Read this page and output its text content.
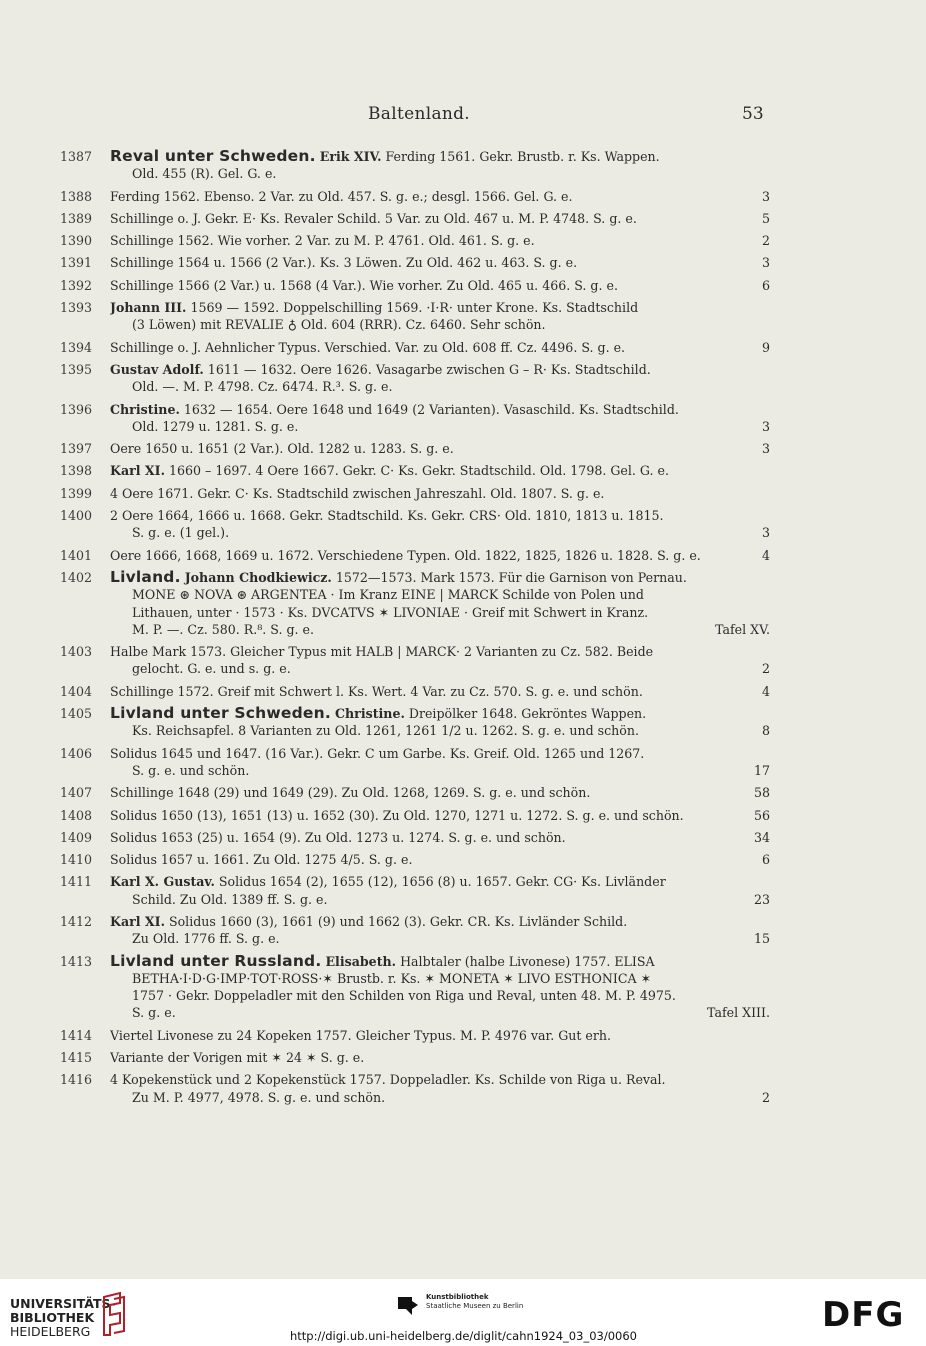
Baltenland.	53
1387	Reval unter Schweden. Erik XIV. Ferding 1561. Gekr. Brustb. r. Ks. Wappen.
Old. 455 (R). Gel. G. e.
1388	Ferding 1562. Ebenso. 2 Var. zu Old. 457. S. g. e.; desgl. 1566. Gel. G. e.	3
1389	Schillinge o. J. Gekr. E· Ks. Revaler Schild. 5 Var. zu Old. 467 u. M. P. 4748. S. g. e.	5
1390	Schillinge 1562. Wie vorher. 2 Var. zu M. P. 4761. Old. 461. S. g. e.	2
1391	Schillinge 1564 u. 1566 (2 Var.). Ks. 3 Löwen. Zu Old. 462 u. 463. S. g. e.	3
1392	Schillinge 1566 (2 Var.) u. 1568 (4 Var.). Wie vorher. Zu Old. 465 u. 466. S. g. e.	6
1393	Johann III. 1569 — 1592. Doppelschilling 1569. ·I·R· unter Krone. Ks. Stadtschild
(3 Löwen) mit REVALIE ♁ Old. 604 (RRR). Cz. 6460. Sehr schön.
1394	Schillinge o. J. Aehnlicher Typus. Verschied. Var. zu Old. 608 ff. Cz. 4496. S. g. e.	9
1395	Gustav Adolf. 1611 — 1632. Oere 1626. Vasagarbe zwischen G – R· Ks. Stadtschild.
Old. —. M. P. 4798. Cz. 6474. R.³. S. g. e.
1396	Christine. 1632 — 1654. Oere 1648 und 1649 (2 Varianten). Vasaschild. Ks. Stadtschild.
Old. 1279 u. 1281. S. g. e.	3
1397	Oere 1650 u. 1651 (2 Var.). Old. 1282 u. 1283. S. g. e.	3
1398	Karl XI. 1660 – 1697. 4 Oere 1667. Gekr. C· Ks. Gekr. Stadtschild. Old. 1798. Gel. G. e.
1399	4 Oere 1671. Gekr. C· Ks. Stadtschild zwischen Jahreszahl. Old. 1807. S. g. e.
1400	2 Oere 1664, 1666 u. 1668. Gekr. Stadtschild. Ks. Gekr. CRS· Old. 1810, 1813 u. 1815.
S. g. e. (1 gel.).	3
1401	Oere 1666, 1668, 1669 u. 1672. Verschiedene Typen. Old. 1822, 1825, 1826 u. 1828. S. g. e.	4
1402	Livland. Johann Chodkiewicz. 1572—1573. Mark 1573. Für die Garnison von Pernau.
MONE ⊛ NOVA ⊛ ARGENTEA · Im Kranz EINE | MARCK Schilde von Polen und
Lithauen, unter · 1573 · Ks. DVCATVS ✶ LIVONIAE · Greif mit Schwert in Kranz.
M. P. —. Cz. 580. R.⁸. S. g. e.	Tafel XV.
1403	Halbe Mark 1573. Gleicher Typus mit HALB | MARCK· 2 Varianten zu Cz. 582. Beide
gelocht. G. e. und s. g. e.	2
1404	Schillinge 1572. Greif mit Schwert l. Ks. Wert. 4 Var. zu Cz. 570. S. g. e. und schön.	4
1405	Livland unter Schweden. Christine. Dreipölker 1648. Gekröntes Wappen.
Ks. Reichsapfel. 8 Varianten zu Old. 1261, 1261 1/2 u. 1262. S. g. e. und schön.	8
1406	Solidus 1645 und 1647. (16 Var.). Gekr. C um Garbe. Ks. Greif. Old. 1265 und 1267.
S. g. e. und schön.	17
1407	Schillinge 1648 (29) und 1649 (29). Zu Old. 1268, 1269. S. g. e. und schön.	58
1408	Solidus 1650 (13), 1651 (13) u. 1652 (30). Zu Old. 1270, 1271 u. 1272. S. g. e. und schön.	56
1409	Solidus 1653 (25) u. 1654 (9). Zu Old. 1273 u. 1274. S. g. e. und schön.	34
1410	Solidus 1657 u. 1661. Zu Old. 1275 4/5. S. g. e.	6
1411	Karl X. Gustav. Solidus 1654 (2), 1655 (12), 1656 (8) u. 1657. Gekr. CG· Ks. Livländer
Schild. Zu Old. 1389 ff. S. g. e.	23
1412	Karl XI. Solidus 1660 (3), 1661 (9) und 1662 (3). Gekr. CR. Ks. Livländer Schild.
Zu Old. 1776 ff. S. g. e.	15
1413	Livland unter Russland. Elisabeth. Halbtaler (halbe Livonese) 1757. ELISA
BETHA·I·D·G·IMP·TOT·ROSS·✶ Brustb. r. Ks. ✶ MONETA ✶ LIVO ESTHONICA ✶
1757 · Gekr. Doppeladler mit den Schilden von Riga und Reval, unten 48. M. P. 4975.
S. g. e.	Tafel XIII.
1414	Viertel Livonese zu 24 Kopeken 1757. Gleicher Typus. M. P. 4976 var. Gut erh.
1415	Variante der Vorigen mit ✶ 24 ✶ S. g. e.
1416	4 Kopekenstück und 2 Kopekenstück 1757. Doppeladler. Ks. Schilde von Riga u. Reval.
Zu M. P. 4977, 4978. S. g. e. und schön.	2
UNIVERSITÄTS-
BIBLIOTHEK
HEIDELBERG
Kunstbibliothek
Staatliche Museen zu Berlin	DFG
http://digi.ub.uni-heidelberg.de/diglit/cahn1924_03_03/0060
